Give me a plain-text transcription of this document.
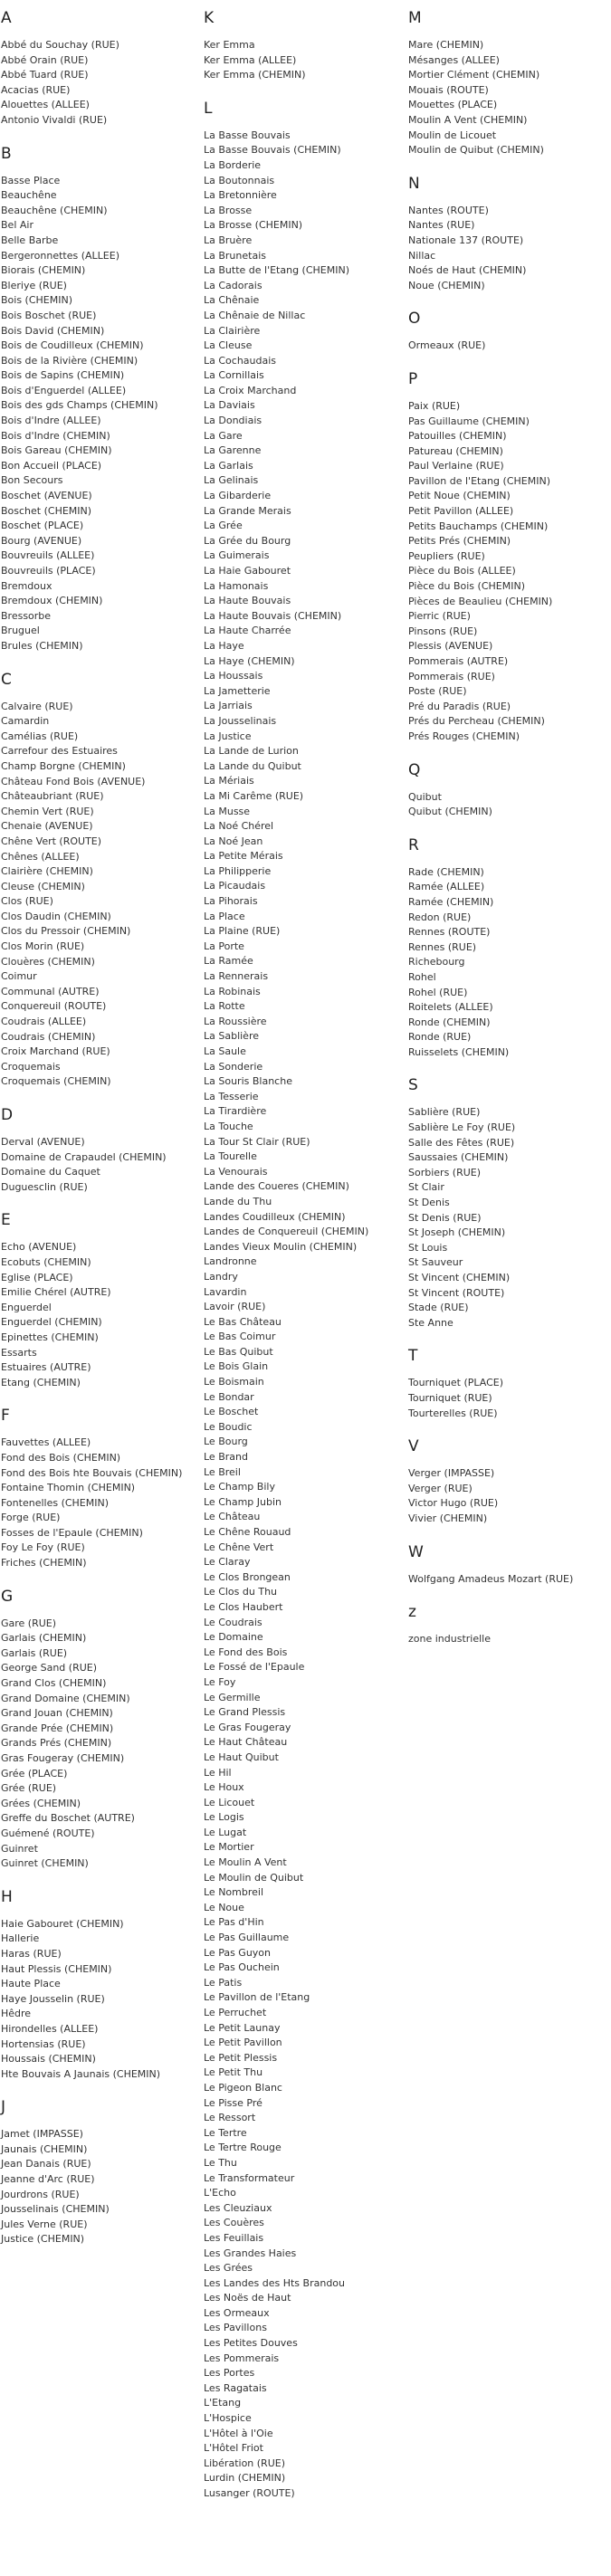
A
Abbé du Souchay (RUE)
Abbé Orain (RUE)
Abbé Tuard (RUE)
Acacias (RUE)
Alouettes (ALLEE)
Antonio Vivaldi (RUE)
B
Basse Place
Beauchêne
Beauchêne (CHEMIN)
Bel Air
Belle Barbe
Bergeronnettes (ALLEE)
Biorais (CHEMIN)
Bleriye (RUE)
Bois (CHEMIN)
Bois Boschet (RUE)
Bois David (CHEMIN)
Bois de Coudilleux (CHEMIN)
Bois de la Rivière (CHEMIN)
Bois de Sapins (CHEMIN)
Bois d'Enguerdel (ALLEE)
Bois des gds Champs (CHEMIN)
Bois d'Indre (ALLEE)
Bois d'Indre (CHEMIN)
Bois Gareau (CHEMIN)
Bon Accueil (PLACE)
Bon Secours
Boschet (AVENUE)
Boschet (CHEMIN)
Boschet (PLACE)
Bourg (AVENUE)
Bouvreuils (ALLEE)
Bouvreuils (PLACE)
Bremdoux
Bremdoux (CHEMIN)
Bressorbe
Bruguel
Brules (CHEMIN)
C
Calvaire (RUE)
Camardin
Camélias (RUE)
Carrefour des Estuaires
Champ Borgne (CHEMIN)
Château Fond Bois (AVENUE)
Châteaubriant (RUE)
Chemin Vert (RUE)
Chenaie (AVENUE)
Chêne Vert (ROUTE)
Chênes (ALLEE)
Clairière (CHEMIN)
Cleuse (CHEMIN)
Clos (RUE)
Clos Daudin (CHEMIN)
Clos du Pressoir (CHEMIN)
Clos Morin (RUE)
Clouères (CHEMIN)
Coimur
Communal (AUTRE)
Conquereuil (ROUTE)
Coudrais (ALLEE)
Coudrais (CHEMIN)
Croix Marchand (RUE)
Croquemais
Croquemais (CHEMIN)
D
Derval (AVENUE)
Domaine de Crapaudel (CHEMIN)
Domaine du Caquet
Duguesclin (RUE)
E
Echo (AVENUE)
Ecobuts (CHEMIN)
Eglise (PLACE)
Emilie Chérel (AUTRE)
Enguerdel
Enguerdel (CHEMIN)
Epinettes (CHEMIN)
Essarts
Estuaires (AUTRE)
Etang (CHEMIN)
F
Fauvettes (ALLEE)
Fond des Bois (CHEMIN)
Fond des Bois hte Bouvais (CHEMIN)
Fontaine Thomin (CHEMIN)
Fontenelles (CHEMIN)
Forge (RUE)
Fosses de l'Epaule (CHEMIN)
Foy Le Foy (RUE)
Friches (CHEMIN)
G
Gare (RUE)
Garlais (CHEMIN)
Garlais (RUE)
George Sand (RUE)
Grand Clos (CHEMIN)
Grand Domaine (CHEMIN)
Grand Jouan (CHEMIN)
Grande Prée (CHEMIN)
Grands Prés (CHEMIN)
Gras Fougeray (CHEMIN)
Grée (PLACE)
Grée (RUE)
Grées (CHEMIN)
Greffe du Boschet (AUTRE)
Guémené (ROUTE)
Guinret
Guinret (CHEMIN)
H
Haie Gabouret (CHEMIN)
Hallerie
Haras (RUE)
Haut Plessis (CHEMIN)
Haute Place
Haye Jousselin (RUE)
Hêdre
Hirondelles (ALLEE)
Hortensias (RUE)
Houssais (CHEMIN)
Hte Bouvais A Jaunais (CHEMIN)
J
Jamet (IMPASSE)
Jaunais (CHEMIN)
Jean Danais (RUE)
Jeanne d'Arc (RUE)
Jourdrons (RUE)
Jousselinais (CHEMIN)
Jules Verne (RUE)
Justice (CHEMIN)
K
Ker Emma
Ker Emma (ALLEE)
Ker Emma (CHEMIN)
L
La Basse Bouvais
La Basse Bouvais (CHEMIN)
La Borderie
La Boutonnais
La Bretonnière
La Brosse
La Brosse (CHEMIN)
La Bruère
La Brunetais
La Butte de l'Etang (CHEMIN)
La Cadorais
La Chênaie
La Chênaie de Nillac
La Clairière
La Cleuse
La Cochaudais
La Cornillais
La Croix Marchand
La Daviais
La Dondiais
La Gare
La Garenne
La Garlais
La Gelinais
La Gibarderie
La Grande Merais
La Grée
La Grée du Bourg
La Guimerais
La Haie Gabouret
La Hamonais
La Haute Bouvais
La Haute Bouvais (CHEMIN)
La Haute Charrée
La Haye
La Haye (CHEMIN)
La Houssais
La Jametterie
La Jarriais
La Jousselinais
La Justice
La Lande de Lurion
La Lande du Quibut
La Mériais
La Mi Carême (RUE)
La Musse
La Noé Chérel
La Noé Jean
La Petite Mérais
La Philipperie
La Picaudais
La Pihorais
La Place
La Plaine (RUE)
La Porte
La Ramée
La Rennerais
La Robinais
La Rotte
La Roussière
La Sablière
La Saule
La Sonderie
La Souris Blanche
La Tesserie
La Tirardière
La Touche
La Tour St Clair (RUE)
La Tourelle
La Venourais
Lande des Coueres (CHEMIN)
Lande du Thu
Landes Coudilleux (CHEMIN)
Landes de Conquereuil (CHEMIN)
Landes Vieux Moulin (CHEMIN)
Landronne
Landry
Lavardin
Lavoir (RUE)
Le Bas Château
Le Bas Coimur
Le Bas Quibut
Le Bois Glain
Le Boismain
Le Bondar
Le Boschet
Le Boudic
Le Bourg
Le Brand
Le Breil
Le Champ Bily
Le Champ Jubin
Le Château
Le Chêne Rouaud
Le Chêne Vert
Le Claray
Le Clos Brongean
Le Clos du Thu
Le Clos Haubert
Le Coudrais
Le Domaine
Le Fond des Bois
Le Fossé de l'Epaule
Le Foy
Le Germille
Le Grand Plessis
Le Gras Fougeray
Le Haut Château
Le Haut Quibut
Le Hil
Le Houx
Le Licouet
Le Logis
Le Lugat
Le Mortier
Le Moulin A Vent
Le Moulin de Quibut
Le Nombreil
Le Noue
Le Pas d'Hin
Le Pas Guillaume
Le Pas Guyon
Le Pas Ouchein
Le Patis
Le Pavillon de l'Etang
Le Perruchet
Le Petit Launay
Le Petit Pavillon
Le Petit Plessis
Le Petit Thu
Le Pigeon Blanc
Le Pisse Pré
Le Ressort
Le Tertre
Le Tertre Rouge
Le Thu
Le Transformateur
L'Echo
Les Cleuziaux
Les Couères
Les Feuillais
Les Grandes Haies
Les Grées
Les Landes des Hts Brandou
Les Noës de Haut
Les Ormeaux
Les Pavillons
Les Petites Douves
Les Pommerais
Les Portes
Les Ragatais
L'Etang
L'Hospice
L'Hôtel à l'Oie
L'Hôtel Friot
Libération (RUE)
Lurdin (CHEMIN)
Lusanger (ROUTE)
M
Mare (CHEMIN)
Mésanges (ALLEE)
Mortier Clément (CHEMIN)
Mouais (ROUTE)
Mouettes (PLACE)
Moulin A Vent (CHEMIN)
Moulin de Licouet
Moulin de Quibut (CHEMIN)
N
Nantes (ROUTE)
Nantes (RUE)
Nationale 137 (ROUTE)
Nillac
Noés de Haut (CHEMIN)
Noue (CHEMIN)
O
Ormeaux (RUE)
P
Paix (RUE)
Pas Guillaume (CHEMIN)
Patouilles (CHEMIN)
Patureau (CHEMIN)
Paul Verlaine (RUE)
Pavillon de l'Etang (CHEMIN)
Petit Noue (CHEMIN)
Petit Pavillon (ALLEE)
Petits Bauchamps (CHEMIN)
Petits Prés (CHEMIN)
Peupliers (RUE)
Pièce du Bois (ALLEE)
Pièce du Bois (CHEMIN)
Pièces de Beaulieu (CHEMIN)
Pierric (RUE)
Pinsons (RUE)
Plessis (AVENUE)
Pommerais (AUTRE)
Pommerais (RUE)
Poste (RUE)
Pré du Paradis (RUE)
Prés du Percheau (CHEMIN)
Prés Rouges (CHEMIN)
Q
Quibut
Quibut (CHEMIN)
R
Rade (CHEMIN)
Ramée (ALLEE)
Ramée (CHEMIN)
Redon (RUE)
Rennes (ROUTE)
Rennes (RUE)
Richebourg
Rohel
Rohel (RUE)
Roitelets (ALLEE)
Ronde (CHEMIN)
Ronde (RUE)
Ruisselets (CHEMIN)
S
Sablière (RUE)
Sablière Le Foy (RUE)
Salle des Fêtes (RUE)
Saussaies (CHEMIN)
Sorbiers (RUE)
St Clair
St Denis
St Denis (RUE)
St Joseph (CHEMIN)
St Louis
St Sauveur
St Vincent (CHEMIN)
St Vincent (ROUTE)
Stade (RUE)
Ste Anne
T
Tourniquet (PLACE)
Tourniquet (RUE)
Tourterelles (RUE)
V
Verger (IMPASSE)
Verger (RUE)
Victor Hugo (RUE)
Vivier (CHEMIN)
W
Wolfgang Amadeus Mozart (RUE)
z
zone industrielle
